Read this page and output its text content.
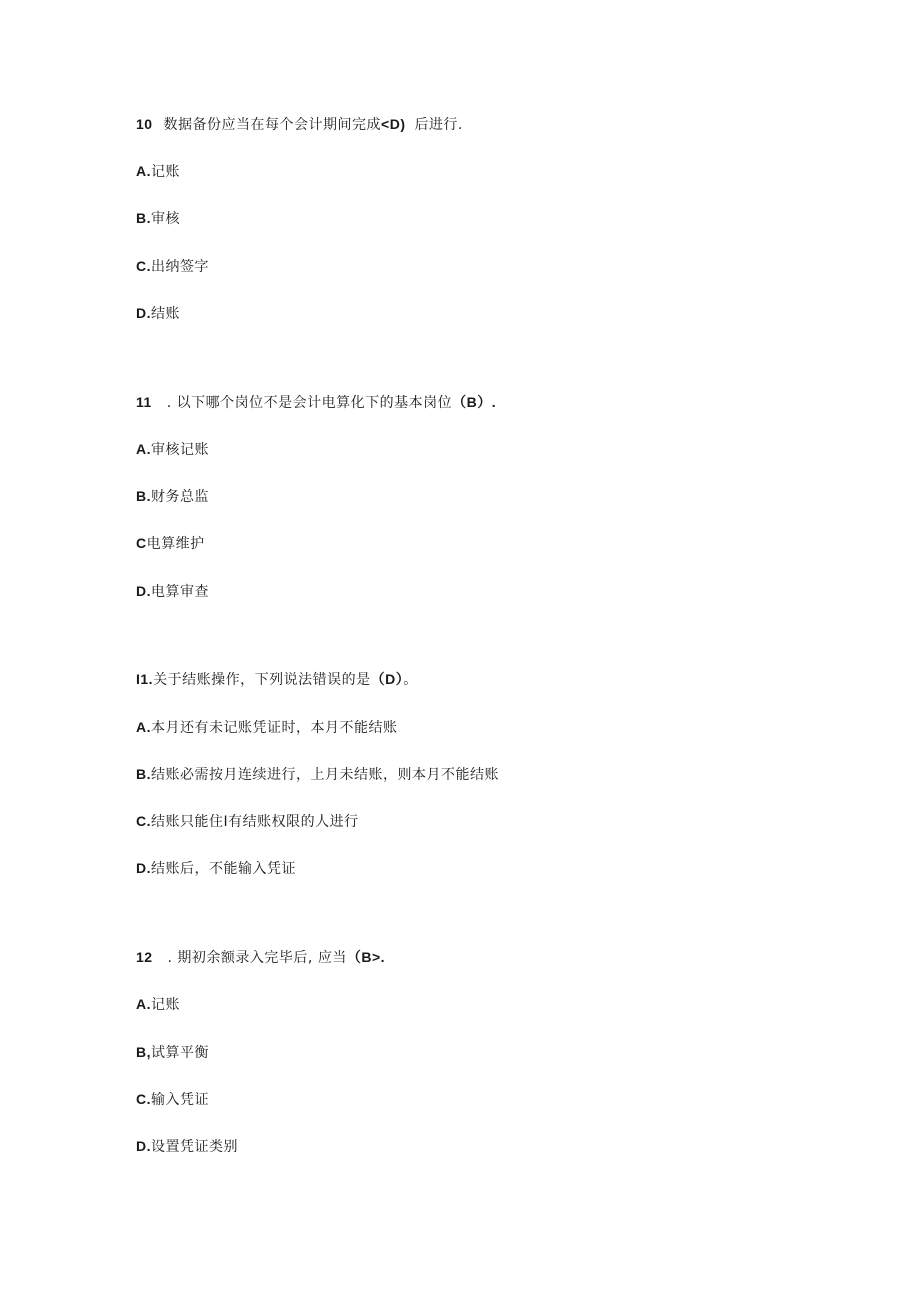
10 数据备份应当在每个会计期间完成<D) 后进行.
A.记账
B.审核
C.出纳签字
D.结账
11 . 以下哪个岗位不是会计电算化下的基本岗位（B）.
A.审核记账
B.财务总监
C电算维护
D.电算审查
I1.关于结账操作，下列说法错误的是（D）。
A.本月还有未记账凭证时，本月不能结账
B.结账必需按月连续进行，上月未结账，则本月不能结账
C.结账只能住I有结账权限的人进行
D.结账后，不能输入凭证
12 . 期初余额录入完毕后, 应当（B>.
A.记账
B,试算平衡
C.输入凭证
D.设置凭证类别
